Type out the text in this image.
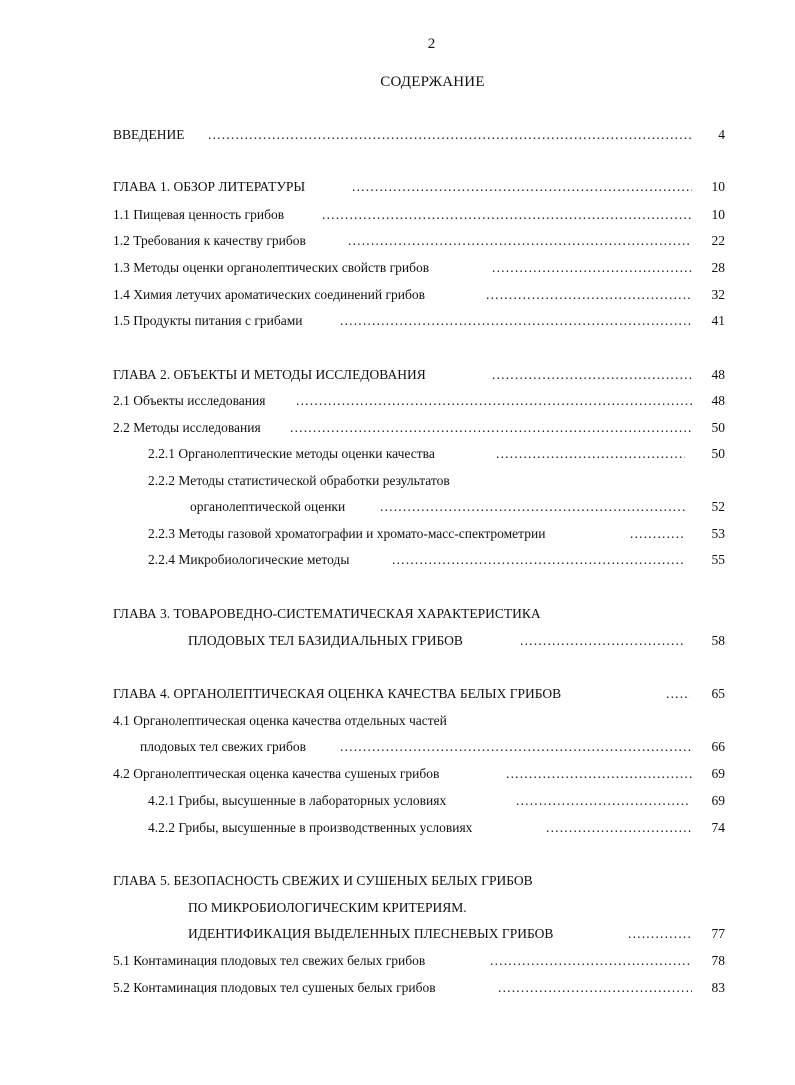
2
СОДЕРЖАНИЕ
ВВЕДЕНИЕ .....	4
ГЛАВА 1. ОБЗОР ЛИТЕРАТУРЫ .....	10
1.1 Пищевая ценность грибов .....	10
1.2 Требования к качеству грибов .....	22
1.3 Методы оценки органолептических свойств грибов .....	28
1.4 Химия летучих ароматических соединений грибов .....	32
1.5 Продукты питания с грибами .....	41
ГЛАВА 2. ОБЪЕКТЫ И МЕТОДЫ ИССЛЕДОВАНИЯ .....	48
2.1 Объекты исследования .....	48
2.2 Методы исследования .....	50
2.2.1 Органолептические методы оценки качества .....	50
2.2.2 Методы статистической обработки результатов
органолептической оценки .....	52
2.2.3 Методы газовой хроматографии и хромато-масс-спектрометрии .....	53
2.2.4 Микробиологические методы .....	55
ГЛАВА 3. ТОВАРОВЕДНО-СИСТЕМАТИЧЕСКАЯ ХАРАКТЕРИСТИКА
ПЛОДОВЫХ ТЕЛ БАЗИДИАЛЬНЫХ ГРИБОВ .....	58
ГЛАВА 4. ОРГАНОЛЕПТИЧЕСКАЯ ОЦЕНКА КАЧЕСТВА БЕЛЫХ ГРИБОВ .....	65
4.1 Органолептическая оценка качества отдельных частей
плодовых тел свежих грибов .....	66
4.2 Органолептическая оценка качества сушеных грибов .....	69
4.2.1 Грибы, высушенные в лабораторных условиях .....	69
4.2.2 Грибы, высушенные в производственных условиях .....	74
ГЛАВА 5. БЕЗОПАСНОСТЬ СВЕЖИХ И СУШЕНЫХ БЕЛЫХ ГРИБОВ
ПО МИКРОБИОЛОГИЧЕСКИМ КРИТЕРИЯМ.
ИДЕНТИФИКАЦИЯ ВЫДЕЛЕННЫХ ПЛЕСНЕВЫХ ГРИБОВ .....	77
5.1 Контаминация плодовых тел свежих белых грибов .....	78
5.2 Контаминация плодовых тел сушеных белых грибов .....	83
